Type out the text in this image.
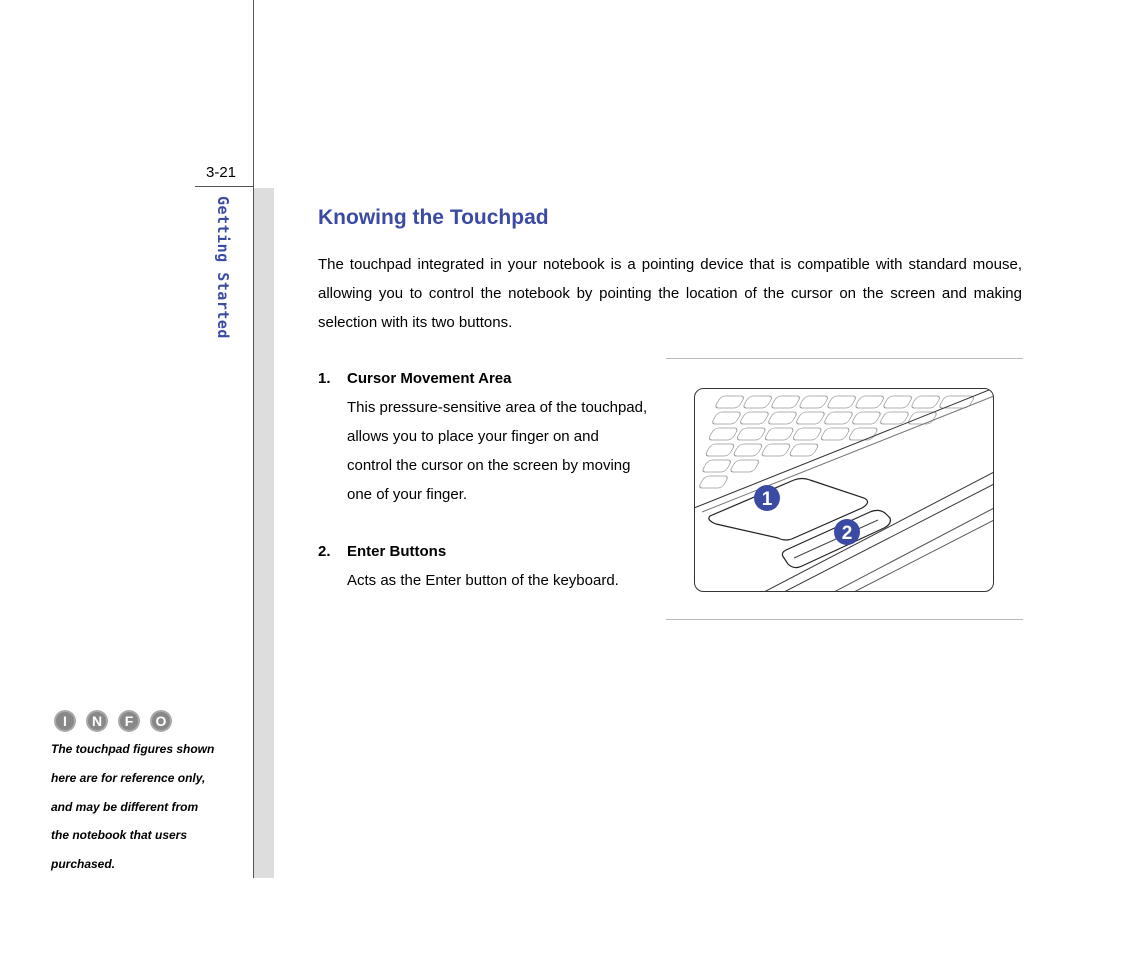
3-21
Getting Started	Knowing the Touchpad
The touchpad integrated in your notebook is a pointing device that is compatible with standard mouse, allowing you to control the notebook by pointing the location of the cursor on the screen and making selection with its two buttons.
1. Cursor Movement Area
This pressure-sensitive area of the touchpad,
allows you to place your finger on and
control the cursor on the screen by moving
one of your finger.
2. Enter Buttons
Acts as the Enter button of the keyboard.
1
2
I N F O
The touchpad figures shown
here are for reference only,
and may be different from
the notebook that users
purchased.
